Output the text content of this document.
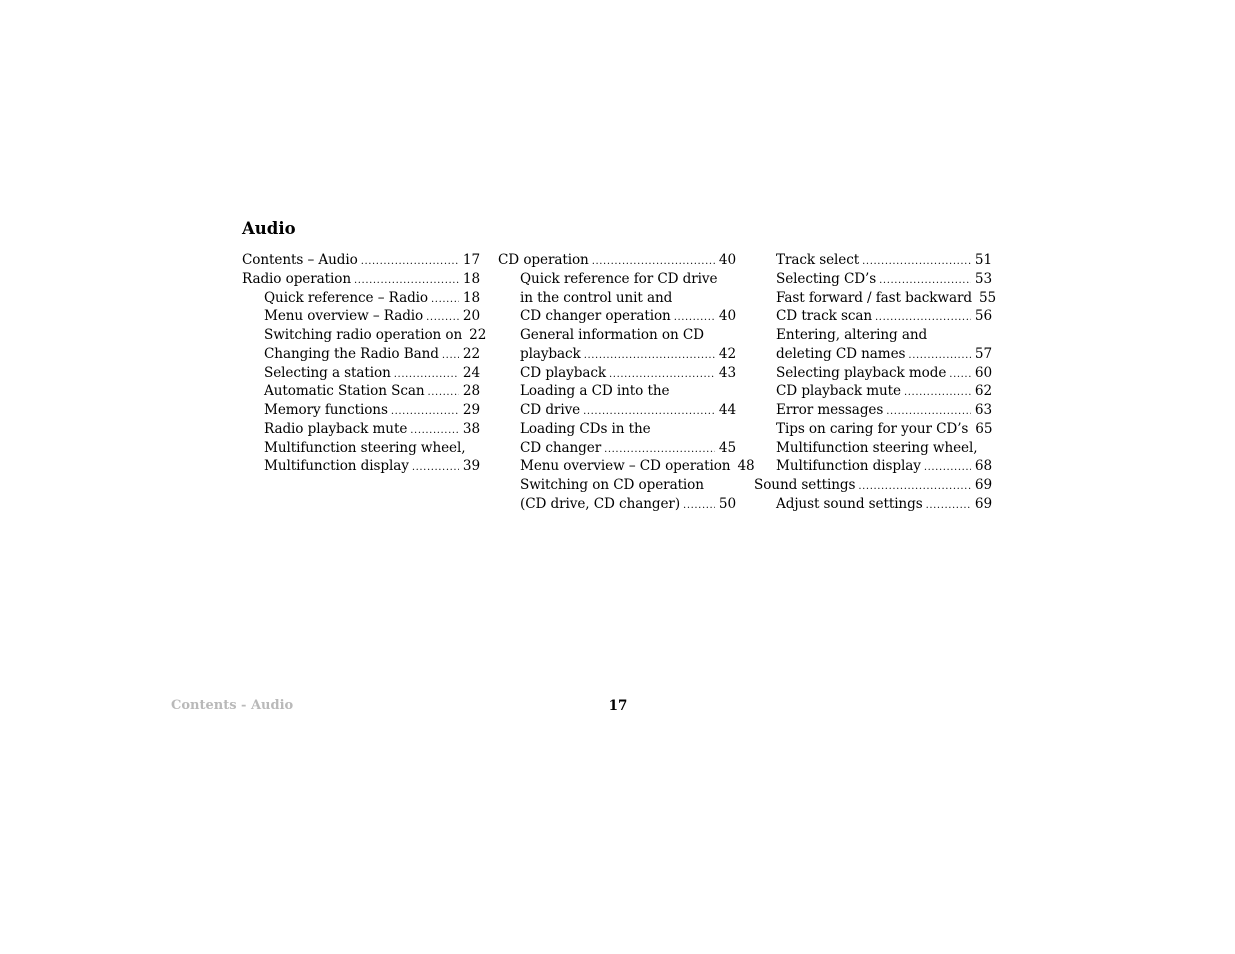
Audio
Contents – Audio .....	17
Radio operation .....	18
Quick reference – Radio .....	18
Menu overview – Radio .....	20
Switching radio operation on 22
Changing the Radio Band ..... 22
Selecting a station .....	24
Automatic Station Scan .....	28
Memory functions .....	29
Radio playback mute .....	38
Multifunction steering wheel,
Multifunction display .....	39
CD operation .....	40
Quick reference for CD drive
in the control unit and
CD changer operation .....	40
General information on CD
playback .....	42
CD playback .....	43
Loading a CD into the
CD drive .....	44
Loading CDs in the
CD changer .....	45
Menu overview – CD operation 48
Switching on CD operation
(CD drive, CD changer) .....	50
Track select .....	51
Selecting CD’s .....	53
Fast forward / fast backward 55
CD track scan .....	56
Entering, altering and
deleting CD names .....	57
Selecting playback mode ..... 60
CD playback mute .....	62
Error messages .....	63
Tips on caring for your CD’s 65
Multifunction steering wheel,
Multifunction display .....	68
Sound settings .....	69
Adjust sound settings .....	69
Contents - Audio	17
